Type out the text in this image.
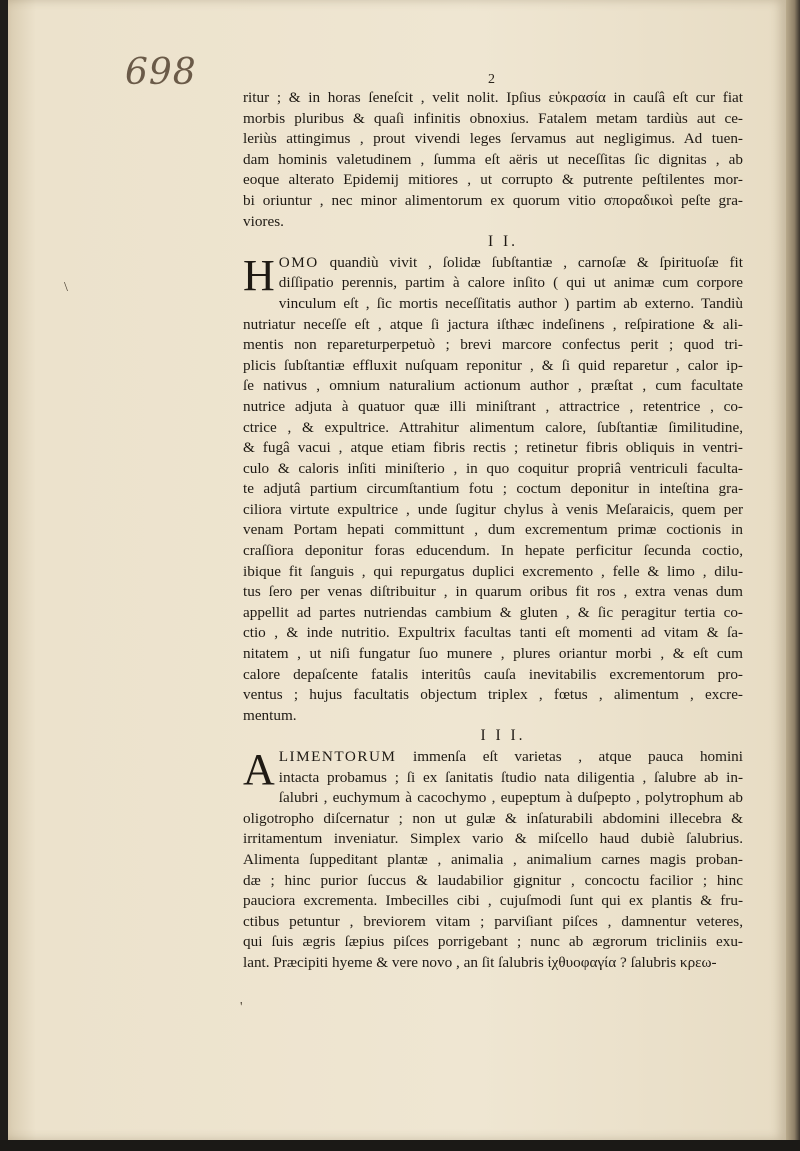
698	2
ritur ; & in horas ſeneſcit , velit nolit. Ipſius εὐκρασία in cauſâ eſt cur fiat
morbis pluribus & quaſi infinitis obnoxius. Fatalem metam tardiùs aut ce-
leriùs attingimus , prout vivendi leges ſervamus aut negligimus. Ad tuen-
dam hominis valetudinem , ſumma eſt aëris ut neceſſitas ſic dignitas , ab
eoque alterato Epidemij mitiores , ut corrupto & putrente peſtilentes mor-
bi oriuntur , nec minor alimentorum ex quorum vitio σποραδικοὶ peſte gra-
viores.
I I.
H OMO quandiù vivit , ſolidæ ſubſtantiæ , carnoſæ & ſpirituoſæ fit
diſſipatio perennis, partim à calore inſito ( qui ut animæ cum corpore
vinculum eſt , ſic mortis neceſſitatis author ) partim ab externo. Tandiù
nutriatur neceſſe eſt , atque ſi jactura iſthæc indeſinens , reſpiratione & ali-
mentis non repareturperpetuò ; brevi marcore confectus perit ; quod tri-
plicis ſubſtantiæ effluxit nuſquam reponitur , & ſi quid reparetur , calor ip-
ſe nativus , omnium naturalium actionum author , præſtat , cum facultate
nutrice adjuta à quatuor quæ illi miniſtrant , attractrice , retentrice , co-
ctrice , & expultrice. Attrahitur alimentum calore, ſubſtantiæ ſimilitudine,
& fugâ vacui , atque etiam fibris rectis ; retinetur fibris obliquis in ventri-
culo & caloris inſiti miniſterio , in quo coquitur propriâ ventriculi faculta-
te adjutâ partium circumſtantium fotu ; coctum deponitur in inteſtina gra-
ciliora virtute expultrice , unde ſugitur chylus à venis Meſaraicis, quem per
venam Portam hepati committunt , dum excrementum primæ coctionis in
craſſiora deponitur foras educendum. In hepate perficitur ſecunda coctio,
ibique fit ſanguis , qui repurgatus duplici excremento , felle & limo , dilu-
tus ſero per venas diſtribuitur , in quarum oribus fit ros , extra venas dum
appellit ad partes nutriendas cambium & gluten , & ſic peragitur tertia co-
ctio , & inde nutritio. Expultrix facultas tanti eſt momenti ad vitam & ſa-
nitatem , ut niſi fungatur ſuo munere , plures oriantur morbi , & eſt cum
calore depaſcente fatalis interitûs cauſa inevitabilis excrementorum pro-
ventus ; hujus facultatis objectum triplex , fœtus , alimentum , excre-
mentum.
I I I.
A LIMENTORUM immenſa eſt varietas , atque pauca homini
intacta probamus ; ſi ex ſanitatis ſtudio nata diligentia , ſalubre ab in-
ſalubri , euchymum à cacochymo , eupeptum à duſpepto , polytrophum ab
oligotropho diſcernatur ; non ut gulæ & inſaturabili abdomini illecebra &
irritamentum inveniatur. Simplex vario & miſcello haud dubiè ſalubrius.
Alimenta ſuppeditant plantæ , animalia , animalium carnes magis proban-
dæ ; hinc purior ſuccus & laudabilior gignitur , concoctu facilior ; hinc
pauciora excrementa. Imbecilles cibi , cujuſmodi ſunt qui ex plantis & fru-
ctibus petuntur , breviorem vitam ; parviſiant piſces , damnentur veteres,
qui ſuis ægris ſæpius piſces porrigebant ; nunc ab ægrorum tricliniis exu-
lant. Præcipiti hyeme & vere novo , an ſit ſalubris ἰχθυοφαγία ? ſalubris κρεω-
\
'
